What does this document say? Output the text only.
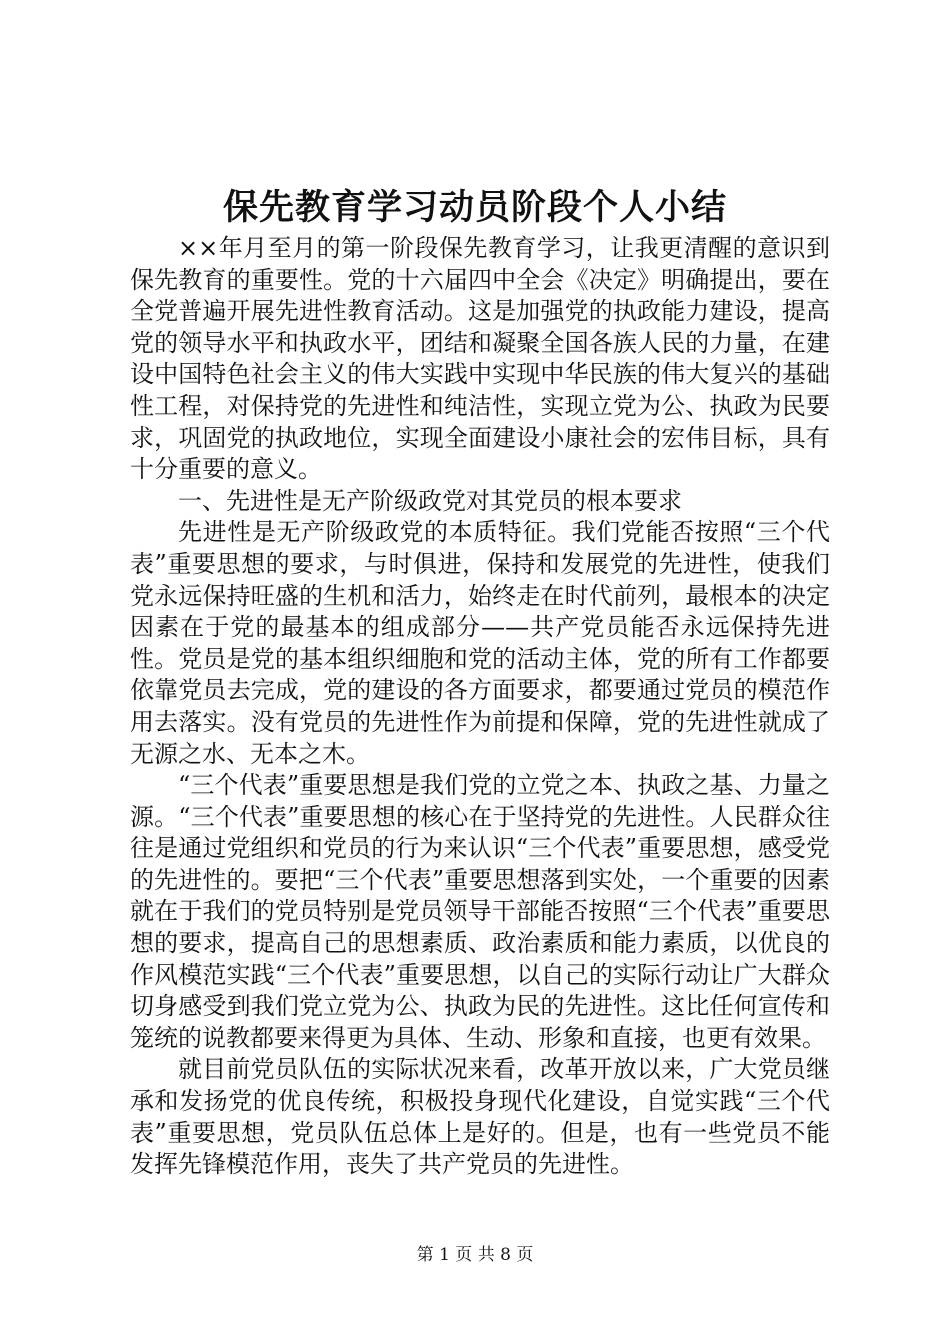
保先教育学习动员阶段个人小结

××年月至月的第一阶段保先教育学习，让我更清醒的意识到保先教育的重要性。党的十六届四中全会《决定》明确提出，要在全党普遍开展先进性教育活动。这是加强党的执政能力建设，提高党的领导水平和执政水平，团结和凝聚全国各族人民的力量，在建设中国特色社会主义的伟大实践中实现中华民族的伟大复兴的基础性工程，对保持党的先进性和纯洁性，实现立党为公、执政为民要求，巩固党的执政地位，实现全面建设小康社会的宏伟目标，具有十分重要的意义。

一、先进性是无产阶级政党对其党员的根本要求

先进性是无产阶级政党的本质特征。我们党能否按照“三个代表”重要思想的要求，与时俱进，保持和发展党的先进性，使我们党永远保持旺盛的生机和活力，始终走在时代前列，最根本的决定因素在于党的最基本的组成部分——共产党员能否永远保持先进性。党员是党的基本组织细胞和党的活动主体，党的所有工作都要依靠党员去完成，党的建设的各方面要求，都要通过党员的模范作用去落实。没有党员的先进性作为前提和保障，党的先进性就成了无源之水、无本之木。

“三个代表”重要思想是我们党的立党之本、执政之基、力量之源。“三个代表”重要思想的核心在于坚持党的先进性。人民群众往往是通过党组织和党员的行为来认识“三个代表”重要思想，感受党的先进性的。要把“三个代表”重要思想落到实处，一个重要的因素就在于我们的党员特别是党员领导干部能否按照“三个代表”重要思想的要求，提高自己的思想素质、政治素质和能力素质，以优良的作风模范实践“三个代表”重要思想，以自己的实际行动让广大群众切身感受到我们党立党为公、执政为民的先进性。这比任何宣传和笼统的说教都要来得更为具体、生动、形象和直接，也更有效果。

就目前党员队伍的实际状况来看，改革开放以来，广大党员继承和发扬党的优良传统，积极投身现代化建设，自觉实践“三个代表”重要思想，党员队伍总体上是好的。但是，也有一些党员不能发挥先锋模范作用，丧失了共产党员的先进性。

第 1 页 共 8 页
